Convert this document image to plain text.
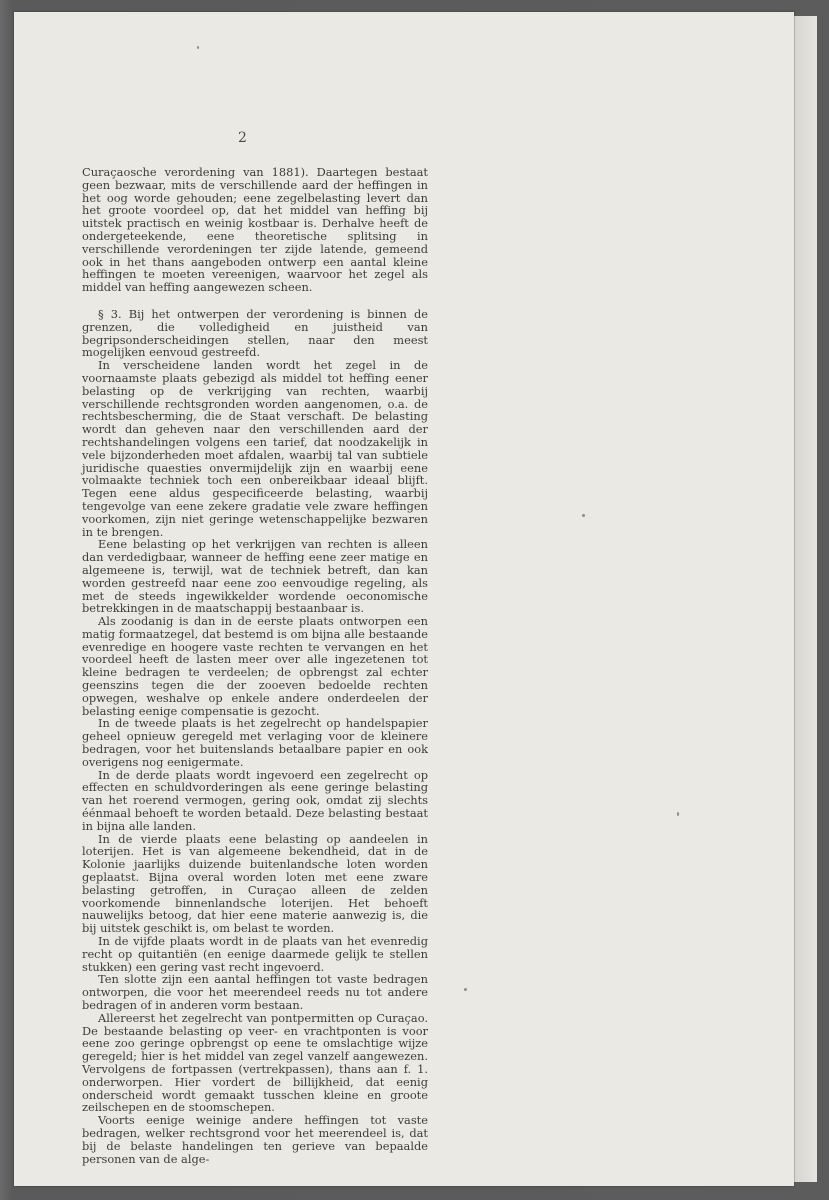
2

Curaçaosche verordening van 1881). Daartegen bestaat geen bezwaar, mits de verschillende aard der heffingen in het oog worde gehouden; eene zegelbelasting levert dan het groote voordeel op, dat het middel van heffing bij uitstek practisch en weinig kostbaar is. Derhalve heeft de ondergeteekende, eene theoretische splitsing in verschillende verordeningen ter zijde latende, gemeend ook in het thans aangeboden ontwerp een aantal kleine heffingen te moeten vereenigen, waarvoor het zegel als middel van heffing aangewezen scheen.

§ 3. Bij het ontwerpen der verordening is binnen de grenzen, die volledigheid en juistheid van begripsonderscheidingen stellen, naar den meest mogelijken eenvoud gestreefd.

In verscheidene landen wordt het zegel in de voornaamste plaats gebezigd als middel tot heffing eener belasting op de verkrijging van rechten, waarbij verschillende rechtsgronden worden aangenomen, o.a. de rechtsbescherming, die de Staat verschaft. De belasting wordt dan geheven naar den verschillenden aard der rechtshandelingen volgens een tarief, dat noodzakelijk in vele bijzonderheden moet afdalen, waarbij tal van subtiele juridische quaesties onvermijdelijk zijn en waarbij eene volmaakte techniek toch een onbereikbaar ideaal blijft. Tegen eene aldus gespecificeerde belasting, waarbij tengevolge van eene zekere gradatie vele zware heffingen voorkomen, zijn niet geringe wetenschappelijke bezwaren in te brengen.

Eene belasting op het verkrijgen van rechten is alleen dan verdedigbaar, wanneer de heffing eene zeer matige en algemeene is, terwijl, wat de techniek betreft, dan kan worden gestreefd naar eene zoo eenvoudige regeling, als met de steeds ingewikkelder wordende oeconomische betrekkingen in de maatschappij bestaanbaar is.

Als zoodanig is dan in de eerste plaats ontworpen een matig formaatzegel, dat bestemd is om bijna alle bestaande evenredige en hoogere vaste rechten te vervangen en het voordeel heeft de lasten meer over alle ingezetenen tot kleine bedragen te verdeelen; de opbrengst zal echter geenszins tegen die der zooeven bedoelde rechten opwegen, weshalve op enkele andere onderdeelen der belasting eenige compensatie is gezocht.

In de tweede plaats is het zegelrecht op handelspapier geheel opnieuw geregeld met verlaging voor de kleinere bedragen, voor het buitenslands betaalbare papier en ook overigens nog eenigermate.

In de derde plaats wordt ingevoerd een zegelrecht op effecten en schuldvorderingen als eene geringe belasting van het roerend vermogen, gering ook, omdat zij slechts éénmaal behoeft te worden betaald. Deze belasting bestaat in bijna alle landen.

In de vierde plaats eene belasting op aandeelen in loterijen. Het is van algemeene bekendheid, dat in de Kolonie jaarlijks duizende buitenlandsche loten worden geplaatst. Bijna overal worden loten met eene zware belasting getroffen, in Curaçao alleen de zelden voorkomende binnenlandsche loterijen. Het behoeft nauwelijks betoog, dat hier eene materie aanwezig is, die bij uitstek geschikt is, om belast te worden.

In de vijfde plaats wordt in de plaats van het evenredig recht op quitantiën (en eenige daarmede gelijk te stellen stukken) een gering vast recht ingevoerd.

Ten slotte zijn een aantal heffingen tot vaste bedragen ontworpen, die voor het meerendeel reeds nu tot andere bedragen of in anderen vorm bestaan.

Allereerst het zegelrecht van pontpermitten op Curaçao. De bestaande belasting op veer- en vrachtponten is voor eene zoo geringe opbrengst op eene te omslachtige wijze geregeld; hier is het middel van zegel vanzelf aangewezen. Vervolgens de fortpassen (vertrekpassen), thans aan f. 1. onderworpen. Hier vordert de billijkheid, dat eenig onderscheid wordt gemaakt tusschen kleine en groote zeilschepen en de stoomschepen.

Voorts eenige weinige andere heffingen tot vaste bedragen, welker rechtsgrond voor het meerendeel is, dat bij de belaste handelingen ten gerieve van bepaalde personen van de alge-
